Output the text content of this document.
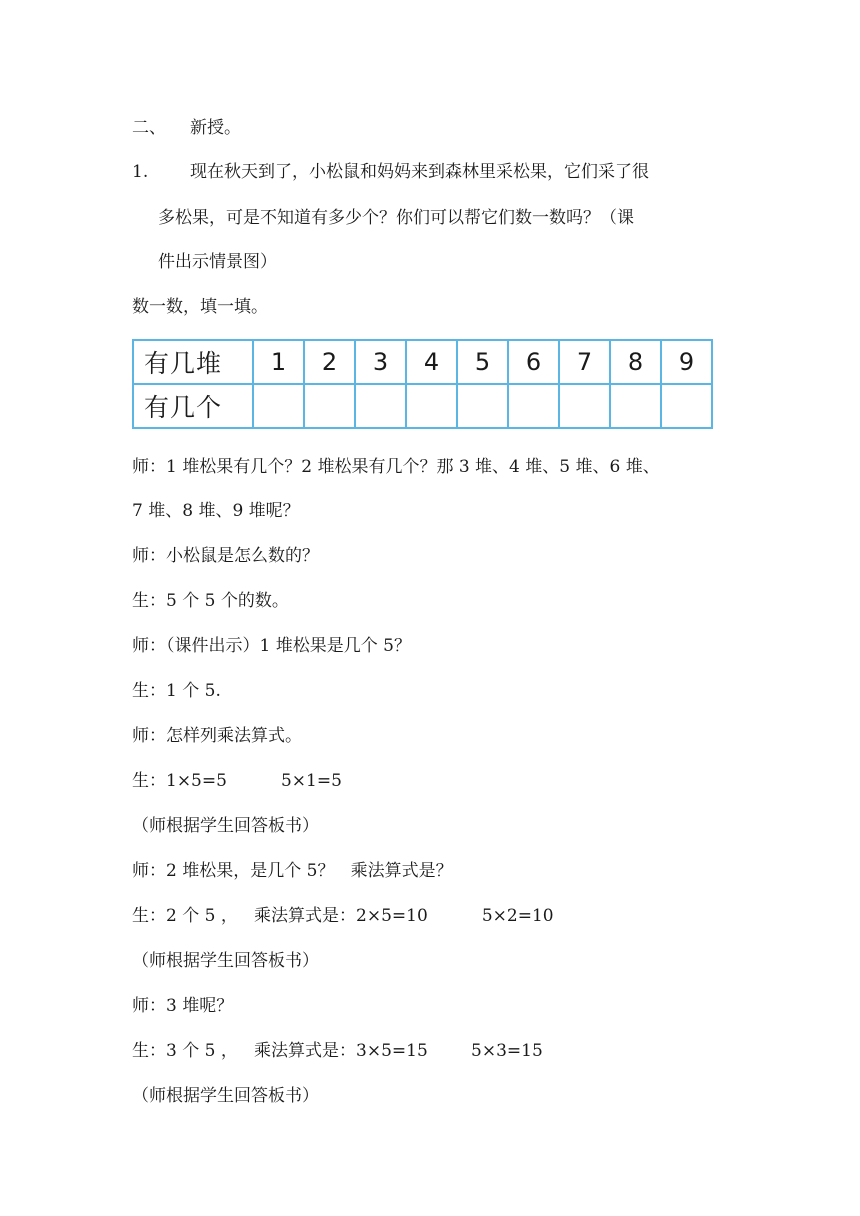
二、 新授。
1. 现在秋天到了，小松鼠和妈妈来到森林里采松果，它们采了很
多松果，可是不知道有多少个？你们可以帮它们数一数吗？（课
件出示情景图）
数一数，填一填。
有几堆	1	2	3	4	5	6	7	8	9
有几个									
师：1 堆松果有几个？2 堆松果有几个？那 3 堆、4 堆、5 堆、6 堆、
7 堆、8 堆、9 堆呢？
师：小松鼠是怎么数的？
生：5 个 5 个的数。
师：（课件出示）1 堆松果是几个 5？
生：1 个 5.
师：怎样列乘法算式。
生：1×5=5          5×1=5
（师根据学生回答板书）
师：2 堆松果，是几个 5？   乘法算式是？
生：2 个 5 ，   乘法算式是：2×5=10          5×2=10
（师根据学生回答板书）
师：3 堆呢？
生：3 个 5 ，   乘法算式是：3×5=15        5×3=15
（师根据学生回答板书）
